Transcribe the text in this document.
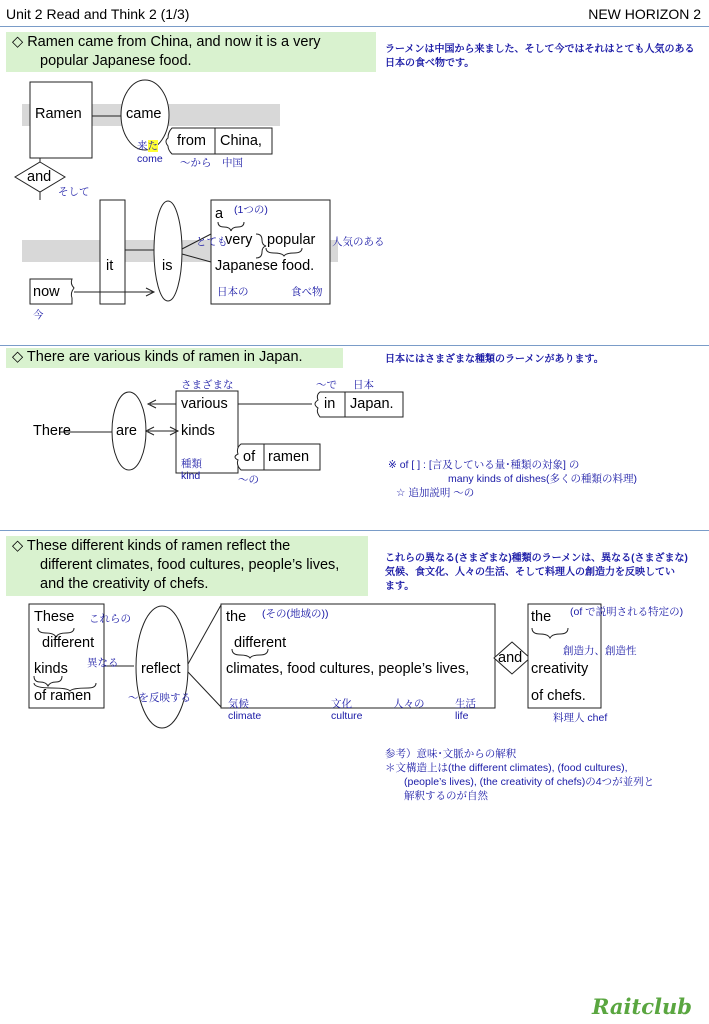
Unit 2 Read and Think 2 (1/3)	NEW HORIZON 2
◇ Ramen came from China, and now it is a very
popular Japanese food.
ラーメンは中国から来ました、そして今ではそれはとても人気のある
日本の食べ物です。
Ramen	came
来た
come
from China,
～から 中国
and
そして
it	is
a (1つの)
とても
very popular 人気のある
Japanese food.
日本の	食べ物
now
今
◇ There are various kinds of ramen in Japan.	日本にはさまざまな種類のラーメンがあります。
There	are
さまざまな
various
kinds
種類
kind
～で 日本
in Japan.
of ramen
～の
※ of [ ] : [言及している量･種類の対象] の
many kinds of dishes(多くの種類の料理)
☆ 追加説明 ～の
◇ These different kinds of ramen reflect the
different climates, food cultures, people’s lives,
and the creativity of chefs.
これらの異なる(さまざまな)種類のラーメンは、異なる(さまざまな)
気候、食文化、人々の生活、そして料理人の創造力を反映してい
ます。
These これらの
different
異なる
kinds
of ramen
reflect
～を反映する
the (その(地域の))
different
climates, food cultures, people’s lives,
気候
climate
文化
culture
人々の	生活
life
and
the (of で説明される特定の)
創造力、創造性
creativity
of chefs.
料理人 chef
参考）意味･文脈からの解釈
＊文構造上は(the different climates), (food cultures),
(people’s lives), (the creativity of chefs)の4つが並列と
解釈するのが自然
Raitclub
